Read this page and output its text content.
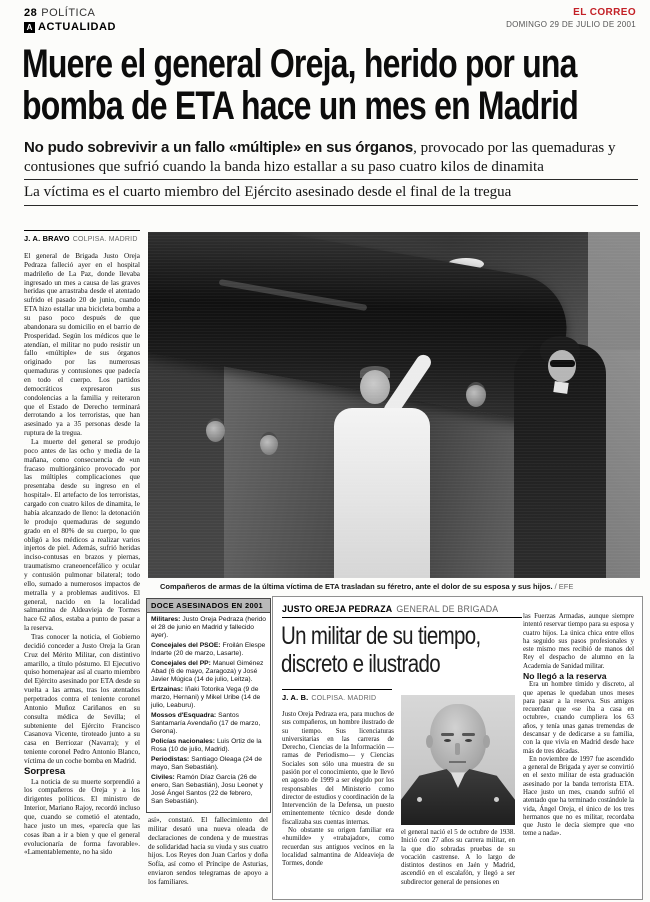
28 POLÍTICA
A ACTUALIDAD
EL CORREO
DOMINGO 29 DE JULIO DE 2001
Muere el general Oreja, herido por una
bomba de ETA hace un mes en Madrid
No pudo sobrevivir a un fallo «múltiple» en sus órganos, provocado por las quemaduras y contusiones que sufrió cuando la banda hizo estallar a su paso cuatro kilos de dinamita
La víctima es el cuarto miembro del Ejército asesinado desde el final de la tregua
J. A. BRAVO COLPISA. MADRID

El general de Brigada Justo Oreja Pedraza falleció ayer en el hospital madrileño de La Paz, donde llevaba ingresado un mes a causa de las graves heridas que arrastraba desde el atentado sufrido el pasado 20 de junio, cuando ETA hizo estallar una bicicleta bomba a su paso poco después de que abandonara su domicilio en el barrio de Prosperidad. Según los médicos que le atendían, el militar no pudo resistir un fallo «múltiple» de sus órganos originado por las numerosas quemaduras y contusiones que padecía en todo el cuerpo. Los partidos democráticos expresaron sus condolencias a la familia y reiteraron que el Estado de Derecho terminará derrotando a los terroristas, que han asesinado ya a 35 personas desde la ruptura de la tregua.

La muerte del general se produjo poco antes de las ocho y media de la mañana, como consecuencia de «un fracaso multiorgánico provocado por las múltiples complicaciones que presentaba desde su ingreso en el hospital». El artefacto de los terroristas, cargado con cuatro kilos de dinamita, le había alcanzado de lleno: la detonación le produjo quemaduras de segundo grado en el 80% de su cuerpo, lo que obligó a los médicos a realizar varios injertos de piel. Además, sufrió heridas inciso-contusas en brazos y piernas, traumatismo craneoencefálico y ocular y contusión pulmonar bilateral; todo ello, sumado a numerosos impactos de metralla y a problemas auditivos. El general, nacido en la localidad salmantina de Aldeavieja de Tormes hace 62 años, estaba a punto de pasar a la reserva.

Tras conocer la noticia, el Gobierno decidió conceder a Justo Oreja la Gran Cruz del Mérito Militar, con distintivo amarillo, a título póstumo. El Ejecutivo quiso homenajear así al cuarto miembro del Ejército asesinado por ETA desde su vuelta a las armas, tras los atentados perpetrados contra el teniente coronel Antonio Muñoz Cariñanos en su consulta médica de Sevilla; el subteniente del Ejército Francisco Casanova Vicente, tiroteado junto a su casa en Berriozar (Navarra); y el teniente coronel Pedro Antonio Blanco, víctima de un coche bomba en Madrid.

Sorpresa

La noticia de su muerte sorprendió a los compañeros de Oreja y a los dirigentes políticos. El ministro de Interior, Mariano Rajoy, recordó incluso que, cuando se cometió el atentado, hace justo un mes, «parecía que las cosas iban a ir a bien y que el general evolucionaría de forma favorable». «Lamentablemente, no ha sido

Compañeros de armas de la última víctima de ETA trasladan su féretro, ante el dolor de su esposa y sus hijos. / EFE
DOCE ASESINADOS EN 2001
Militares: Justo Oreja Pedraza (herido el 28 de junio en Madrid y fallecido ayer).
Concejales del PSOE: Froilán Elespe Indarte (20 de marzo, Lasarte).
Concejales del PP: Manuel Giménez Abad (6 de mayo, Zaragoza) y José Javier Múgica (14 de julio, Leitza).
Ertzainas: Iñaki Totorika Vega (9 de marzo, Hernani) y Mikel Uribe (14 de julio, Leaburu).
Mossos d'Esquadra: Santos Santamaría Avendaño (17 de marzo, Gerona).
Policías nacionales: Luis Ortiz de la Rosa (10 de julio, Madrid).
Periodistas: Santiago Oleaga (24 de mayo, San Sebastián).
Civiles: Ramón Díaz García (26 de enero, San Sebastián), Josu Leonet y José Ángel Santos (22 de febrero, San Sebastián).

así», constató. El fallecimiento del militar desató una nueva oleada de declaraciones de condena y de muestras de solidaridad hacia su viuda y sus cuatro hijos. Los Reyes don Juan Carlos y doña Sofía, así como el Príncipe de Asturias, enviaron sendos telegramas de apoyo a los familiares.

JUSTO OREJA PEDRAZA GENERAL DE BRIGADA
Un militar de su tiempo,
discreto e ilustrado
J. A. B. COLPISA. MADRID

Justo Oreja Pedraza era, para muchos de sus compañeros, un hombre ilustrado de su tiempo. Sus licenciaturas universitarias en las carreras de Derecho, Ciencias de la Información —ramas de Periodismo— y Ciencias Sociales son sólo una muestra de su pasión por el conocimiento, que le llevó en agosto de 1999 a ser elegido por los responsables del Ministerio como director de estudios y coordinación de la Intervención de la Defensa, un puesto eminentemente técnico desde donde fiscalizaba sus cuentas internas.

No obstante su origen familiar era «humilde» y «trabajador», como recuerdan sus antiguos vecinos en la localidad salmantina de Aldeavieja de Tormes, donde

el general nació el 5 de octubre de 1938. Inició con 27 años su carrera militar, en la que dio sobradas pruebas de su vocación castrense. A lo largo de distintos destinos en Jaén y Madrid, ascendió en el escalafón, y llegó a ser subdirector general de pensiones en

las Fuerzas Armadas, aunque siempre intentó reservar tiempo para su esposa y cuatro hijos. La única chica entre ellos ha seguido sus pasos profesionales y este mismo mes recibió de manos del Rey el despacho de alumno en la Academia de Sanidad militar.

No llegó a la reserva

Era un hombre tímido y discreto, al que apenas le quedaban unos meses para pasar a la reserva. Sus amigos recuerdan que «se iba a casa en octubre», cuando cumpliera los 63 años, y tenía unas ganas tremendas de descansar y de dedicarse a su familia, con la que vivía en Madrid desde hace más de tres décadas.

En noviembre de 1997 fue ascendido a general de Brigada y ayer se convirtió en el sexto militar de esta graduación asesinado por la banda terrorista ETA. Hace justo un mes, cuando sufrió el atentado que ha terminado costándole la vida, Ángel Oreja, el único de los tres hermanos que no es militar, recordaba que Justo le decía siempre que «no teme a nada».
